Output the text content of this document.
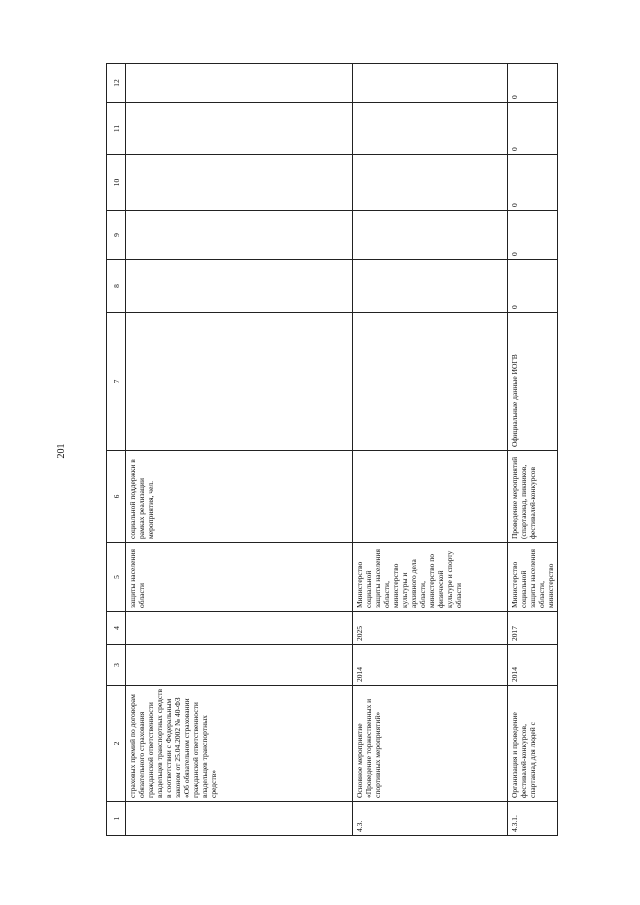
201
1	2	3	4	5	6	7	8	9	10	11	12
	страховых премий по договорам обязательного страхования гражданской ответственности владельцев транспортных средств в соответствии с Федеральным законом от 25.04.2002 № 40-ФЗ «Об обязательном страховании гражданской ответственности владельцев транспортных средств»			защиты населения области	социальной поддержки в рамках реализации мероприятия, чел.						
4.3.	Основное мероприятие «Проведение торжественных и спортивных мероприятий»	2014	2025	Министерство социальной защиты населения области, министерство культуры и архивного дела области, министерство по физической культуре и спорту области							
4.3.1.	Организация и проведение фестивалей-конкурсов, спартакиад для людей с	2014	2017	Министерство социальной защиты населения области, министерство	Проведение мероприятий (спартакиад, пикников, фестивалей-конкурсов	Официальные данные ИОГВ	0	0	0	0	0
